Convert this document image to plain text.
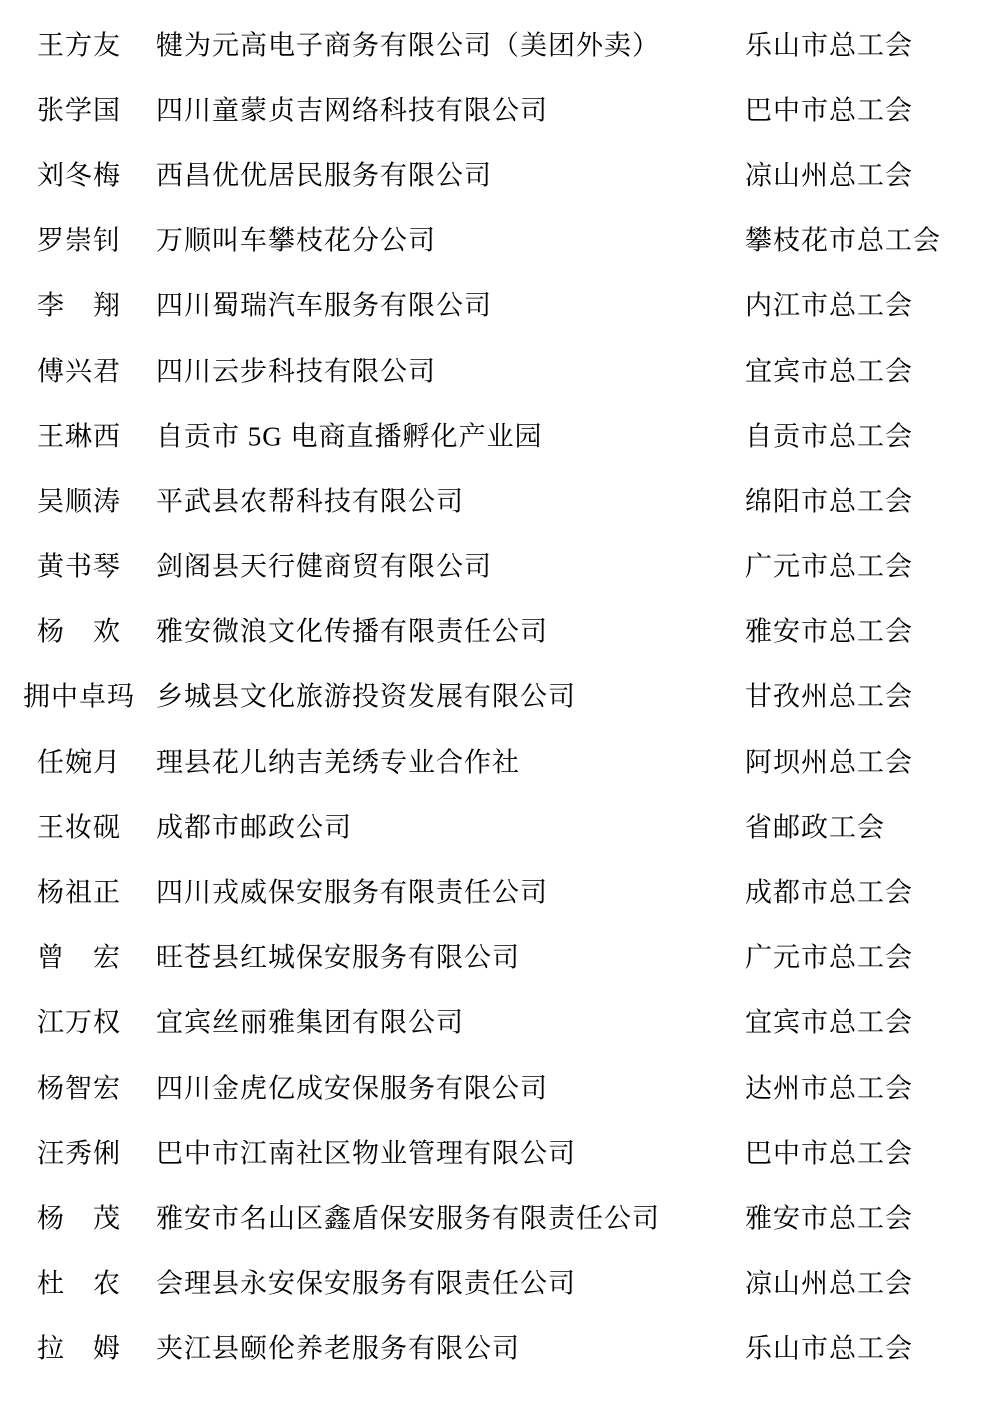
王方友	犍为元高电子商务有限公司（美团外卖）	乐山市总工会
张学国	四川童蒙贞吉网络科技有限公司	巴中市总工会
刘冬梅	西昌优优居民服务有限公司	凉山州总工会
罗崇钊	万顺叫车攀枝花分公司	攀枝花市总工会
李　翔	四川蜀瑞汽车服务有限公司	内江市总工会
傅兴君	四川云步科技有限公司	宜宾市总工会
王琳西	自贡市 5G 电商直播孵化产业园	自贡市总工会
吴顺涛	平武县农帮科技有限公司	绵阳市总工会
黄书琴	剑阁县天行健商贸有限公司	广元市总工会
杨　欢	雅安微浪文化传播有限责任公司	雅安市总工会
拥中卓玛 乡城县文化旅游投资发展有限公司	甘孜州总工会
任婉月	理县花儿纳吉羌绣专业合作社	阿坝州总工会
王妆砚	成都市邮政公司	省邮政工会
杨祖正	四川戎威保安服务有限责任公司	成都市总工会
曾　宏	旺苍县红城保安服务有限公司	广元市总工会
江万权	宜宾丝丽雅集团有限公司	宜宾市总工会
杨智宏	四川金虎亿成安保服务有限公司	达州市总工会
汪秀俐	巴中市江南社区物业管理有限公司	巴中市总工会
杨　茂	雅安市名山区鑫盾保安服务有限责任公司	雅安市总工会
杜　农	会理县永安保安服务有限责任公司	凉山州总工会
拉　姆	夹江县颐伦养老服务有限公司	乐山市总工会
